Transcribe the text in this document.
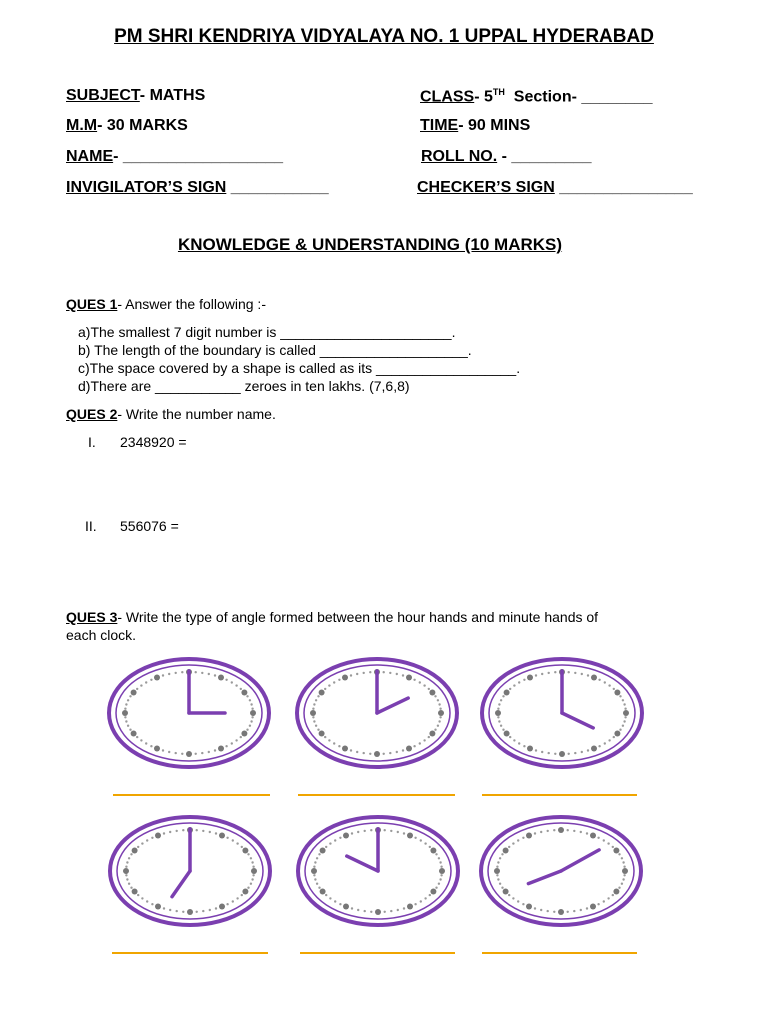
PM SHRI KENDRIYA VIDYALAYA NO. 1 UPPAL HYDERABAD
SUBJECT- MATHS	CLASS- 5TH Section- ________
M.M- 30 MARKS	TIME- 90 MINS
NAME- __________________	ROLL NO. - _________
INVIGILATOR’S SIGN ___________	CHECKER’S SIGN _______________
KNOWLEDGE & UNDERSTANDING (10 MARKS)
QUES 1- Answer the following :-
a)The smallest 7 digit number is ______________________.
b) The length of the boundary is called ___________________.
c)The space covered by a shape is called as its __________________.
d)There are ___________ zeroes in ten lakhs. (7,6,8)
QUES 2- Write the number name.
I. 2348920 =
II. 556076 =
QUES 3- Write the type of angle formed between the hour hands and minute hands of
each clock.
